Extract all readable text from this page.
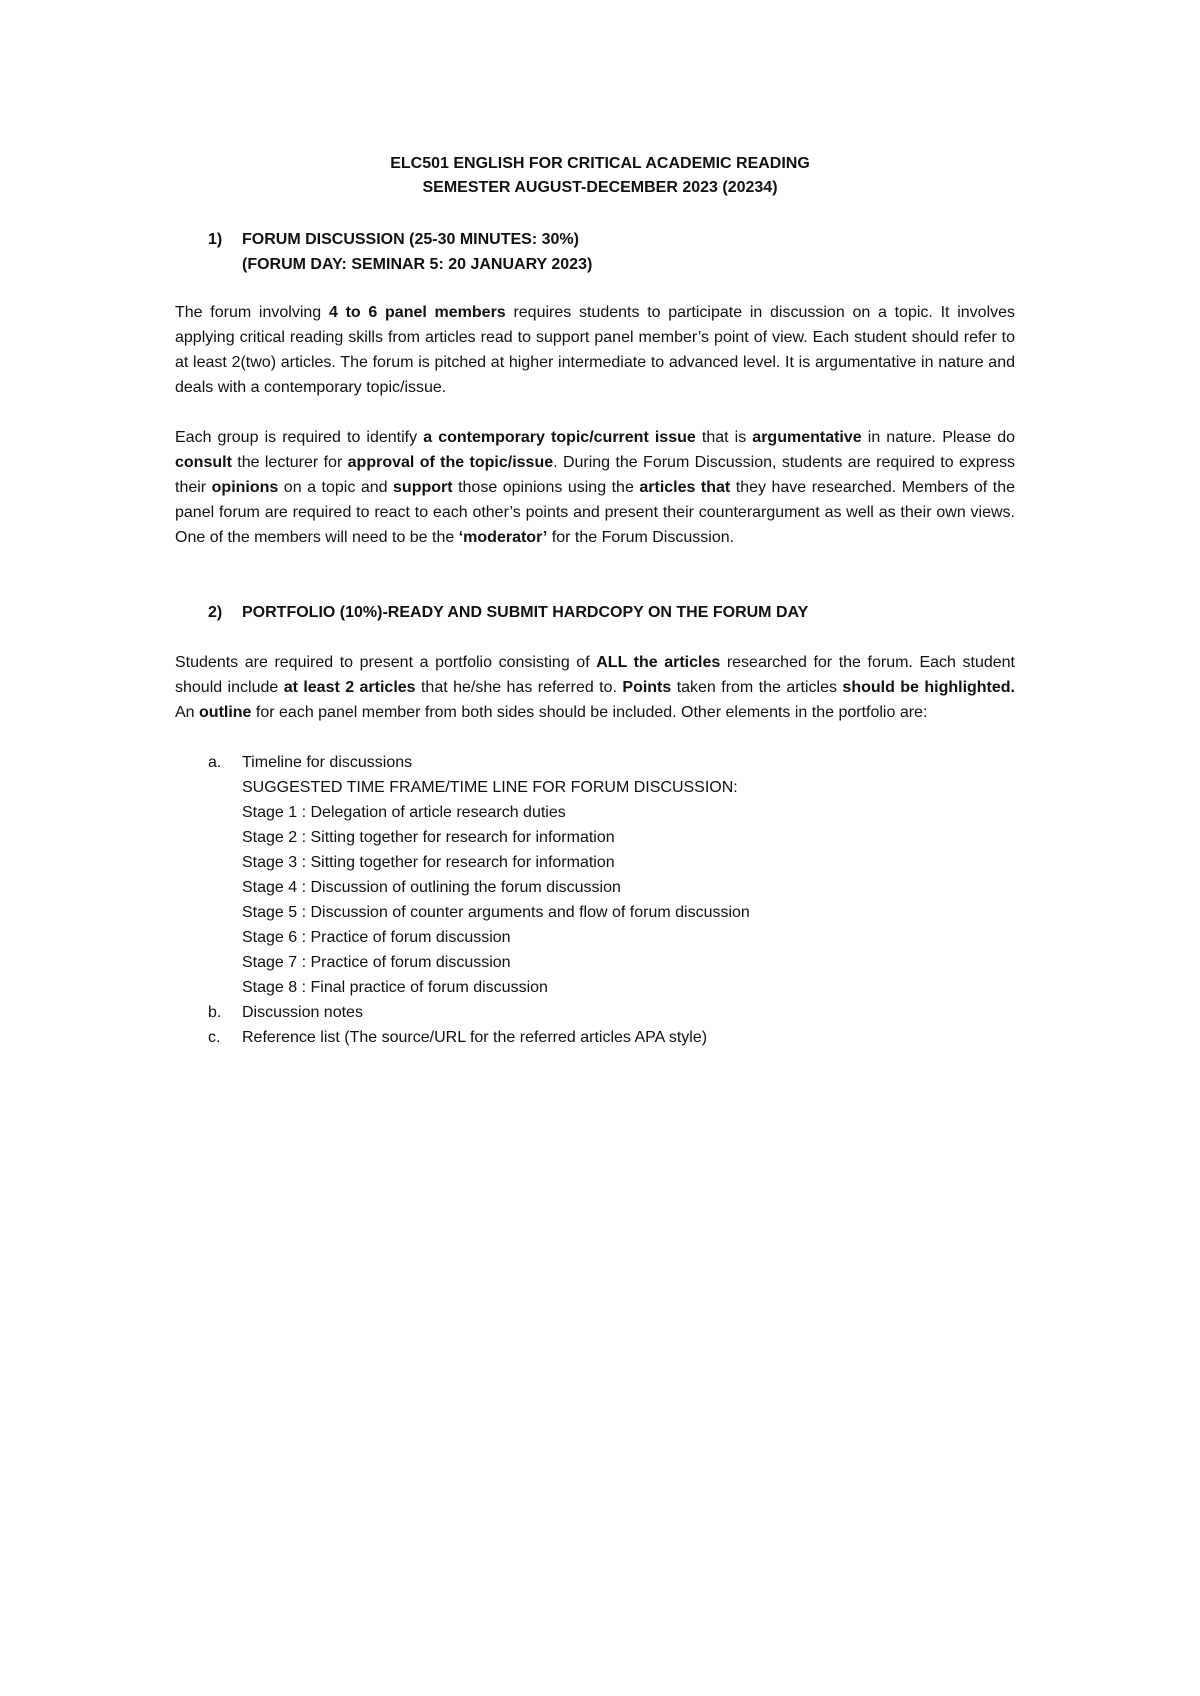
ELC501 ENGLISH FOR CRITICAL ACADEMIC READING
SEMESTER AUGUST-DECEMBER 2023 (20234)
1) FORUM DISCUSSION (25-30 MINUTES: 30%)
(FORUM DAY: SEMINAR 5: 20 JANUARY 2023)

The forum involving 4 to 6 panel members requires students to participate in discussion on a topic. It involves applying critical reading skills from articles read to support panel member’s point of view. Each student should refer to at least 2(two) articles. The forum is pitched at higher intermediate to advanced level. It is argumentative in nature and deals with a contemporary topic/issue.

Each group is required to identify a contemporary topic/current issue that is argumentative in nature. Please do consult the lecturer for approval of the topic/issue. During the Forum Discussion, students are required to express their opinions on a topic and support those opinions using the articles that they have researched. Members of the panel forum are required to react to each other’s points and present their counterargument as well as their own views. One of the members will need to be the ‘moderator’ for the Forum Discussion.

2) PORTFOLIO (10%)-READY AND SUBMIT HARDCOPY ON THE FORUM DAY

Students are required to present a portfolio consisting of ALL the articles researched for the forum. Each student should include at least 2 articles that he/she has referred to. Points taken from the articles should be highlighted. An outline for each panel member from both sides should be included. Other elements in the portfolio are:

a. Timeline for discussions
SUGGESTED TIME FRAME/TIME LINE FOR FORUM DISCUSSION:
Stage 1 : Delegation of article research duties
Stage 2 : Sitting together for research for information
Stage 3 : Sitting together for research for information
Stage 4 : Discussion of outlining the forum discussion
Stage 5 : Discussion of counter arguments and flow of forum discussion
Stage 6 : Practice of forum discussion
Stage 7 : Practice of forum discussion
Stage 8 : Final practice of forum discussion
b. Discussion notes
c. Reference list (The source/URL for the referred articles APA style)
